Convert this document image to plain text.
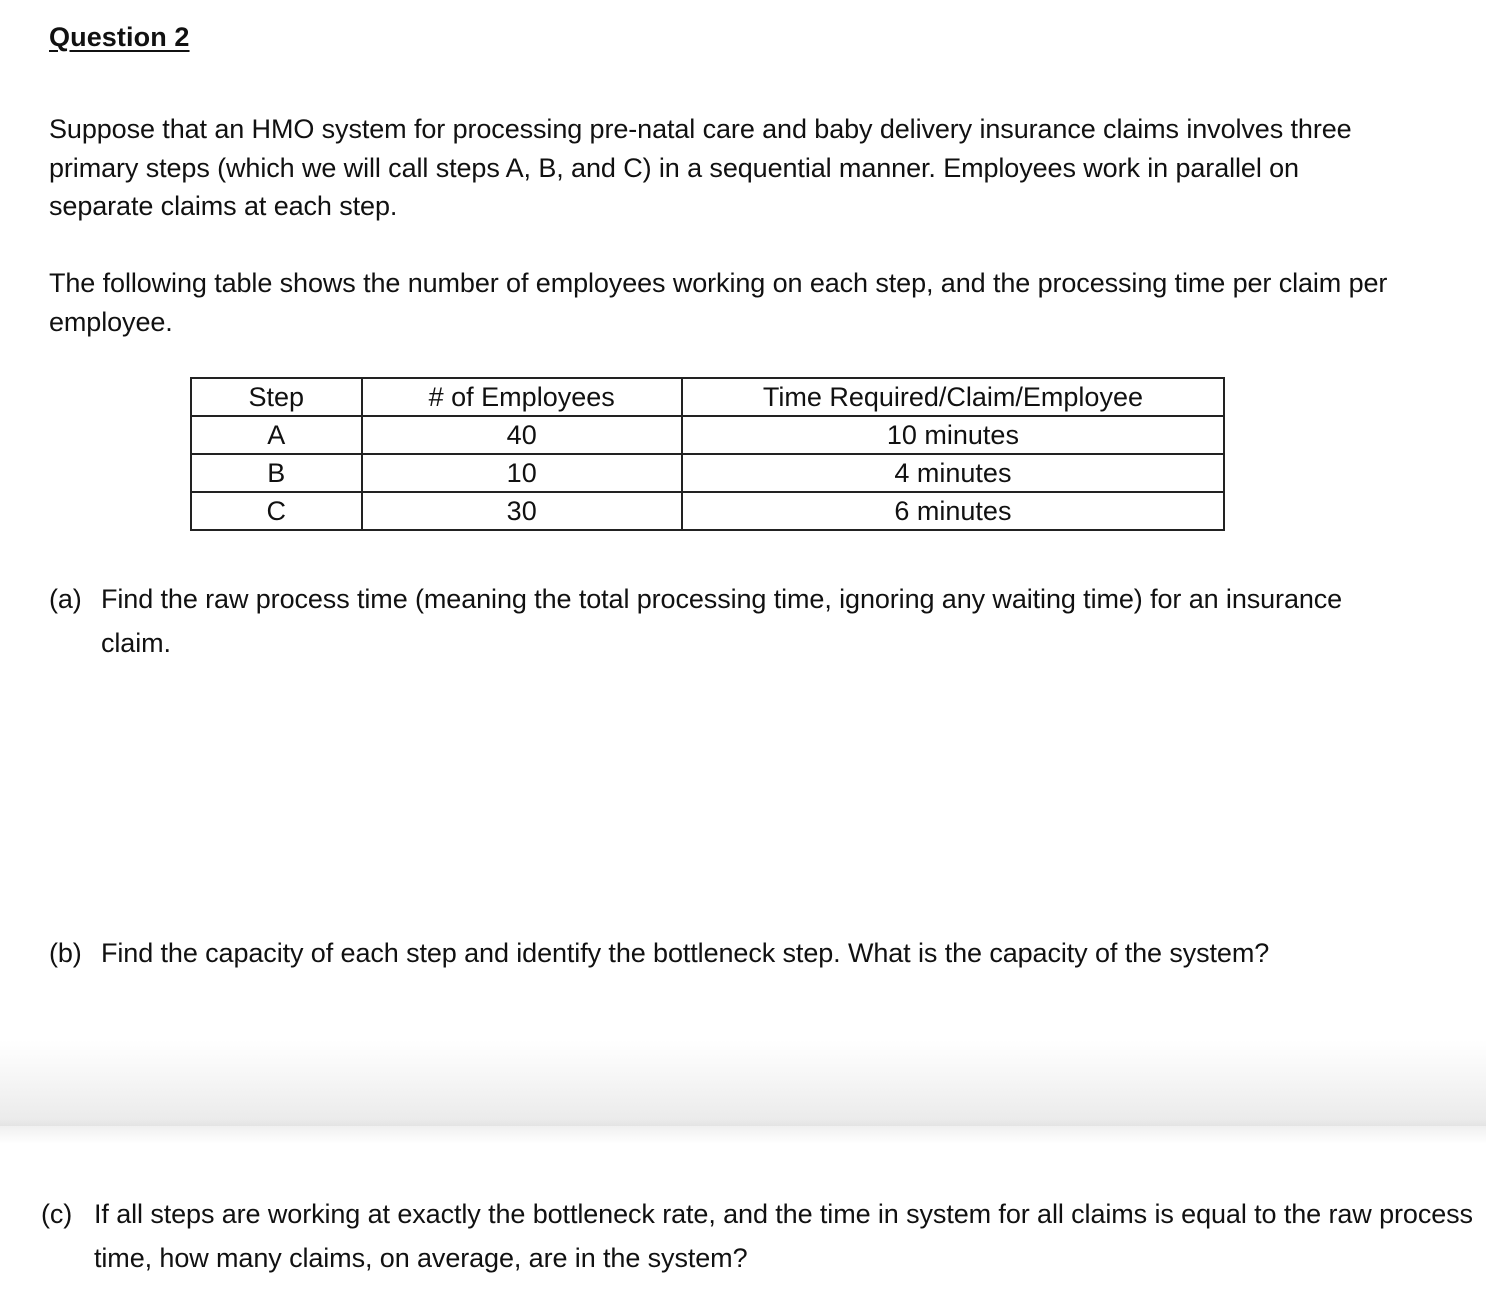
Question 2
Suppose that an HMO system for processing pre-natal care and baby delivery insurance claims involves three primary steps (which we will call steps A, B, and C) in a sequential manner. Employees work in parallel on separate claims at each step.
The following table shows the number of employees working on each step, and the processing time per claim per employee.
Step	# of Employees	Time Required/Claim/Employee
A	40	10 minutes
B	10	4 minutes
C	30	6 minutes
(a) Find the raw process time (meaning the total processing time, ignoring any waiting time) for an insurance claim.
(b) Find the capacity of each step and identify the bottleneck step. What is the capacity of the system?
(c) If all steps are working at exactly the bottleneck rate, and the time in system for all claims is equal to the raw process time, how many claims, on average, are in the system?
